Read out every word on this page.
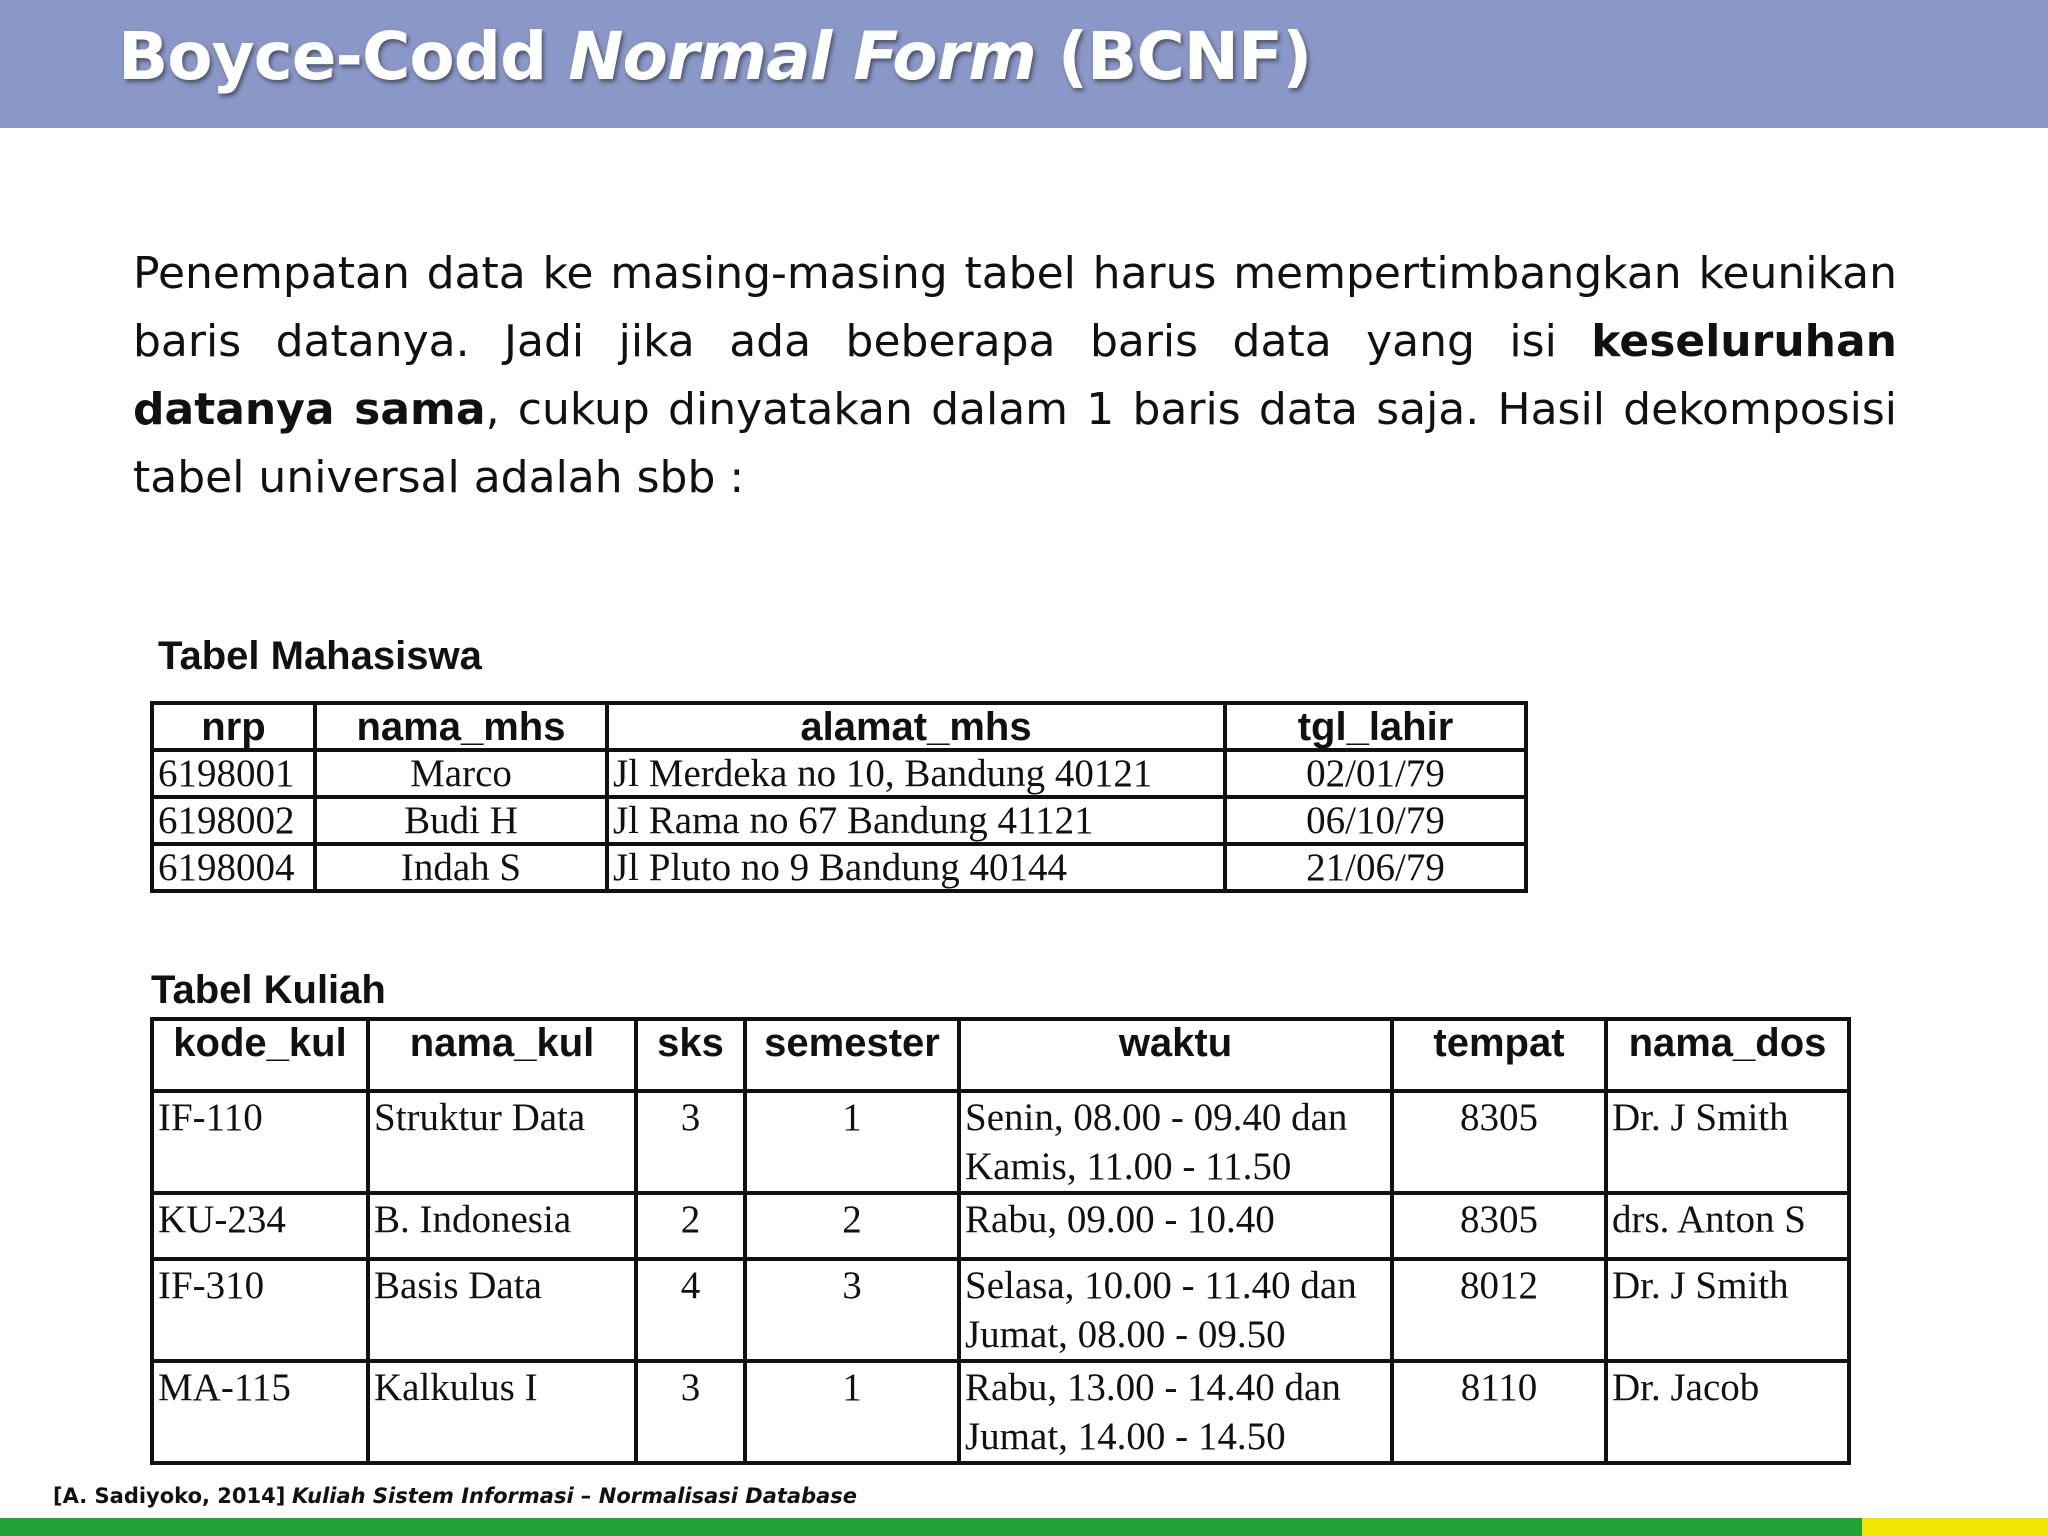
Boyce-Codd Normal Form (BCNF)

Penempatan data ke masing-masing tabel harus mempertimbangkan keunikan baris datanya. Jadi jika ada beberapa baris data yang isi keseluruhan datanya sama, cukup dinyatakan dalam 1 baris data saja. Hasil dekomposisi tabel universal adalah sbb :

Tabel Mahasiswa
nrp	nama_mhs	alamat_mhs	tgl_lahir
6198001	Marco	Jl Merdeka no 10, Bandung 40121	02/01/79
6198002	Budi H	Jl Rama no 67 Bandung 41121	06/10/79
6198004	Indah S	Jl Pluto no 9 Bandung 40144	21/06/79
Tabel Kuliah
kode_kul	nama_kul	sks	semester	waktu	tempat	nama_dos
IF-110	Struktur Data	3	1	Senin, 08.00 - 09.40 dan Kamis, 11.00 - 11.50	8305	Dr. J Smith
KU-234	B. Indonesia	2	2	Rabu, 09.00 - 10.40	8305	drs. Anton S
IF-310	Basis Data	4	3	Selasa, 10.00 - 11.40 dan Jumat, 08.00 - 09.50	8012	Dr. J Smith
MA-115	Kalkulus I	3	1	Rabu, 13.00 - 14.40 dan Jumat, 14.00 - 14.50	8110	Dr. Jacob
[A. Sadiyoko, 2014] Kuliah Sistem Informasi – Normalisasi Database
